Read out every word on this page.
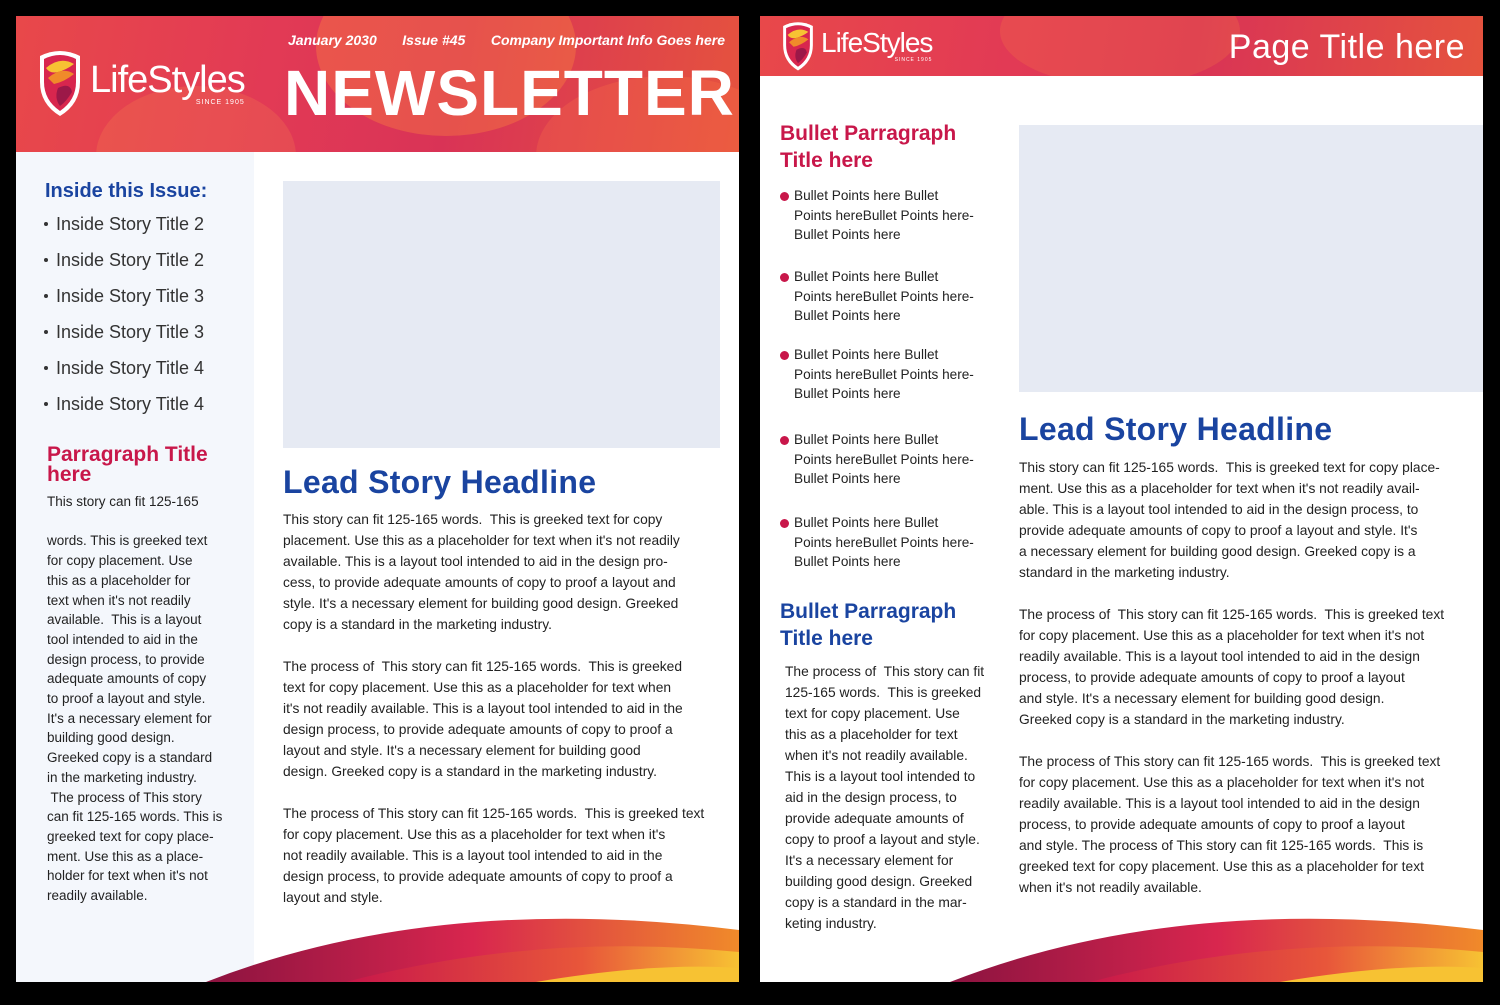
LifeStyles
SINCE 1905
January 2030 Issue #45 Company Important Info Goes here
NEWSLETTER
Inside this Issue:
Inside Story Title 2
Inside Story Title 2
Inside Story Title 3
Inside Story Title 3
Inside Story Title 4
Inside Story Title 4
Parragraph Title here
This story can fit 125-165
words. This is greeked text
for copy placement. Use
this as a placeholder for
text when it's not readily
available.  This is a layout
tool intended to aid in the
design process, to provide
adequate amounts of copy
to proof a layout and style.
It's a necessary element for
building good design.
Greeked copy is a standard
in the marketing industry.
The process of This story
can fit 125-165 words. This is
greeked text for copy place-
ment. Use this as a place-
holder for text when it's not
readily available.
Lead Story Headline

This story can fit 125-165 words.  This is greeked text for copy
placement. Use this as a placeholder for text when it's not readily
available. This is a layout tool intended to aid in the design pro-
cess, to provide adequate amounts of copy to proof a layout and
style. It's a necessary element for building good design. Greeked
copy is a standard in the marketing industry.

The process of  This story can fit 125-165 words.  This is greeked
text for copy placement. Use this as a placeholder for text when
it's not readily available. This is a layout tool intended to aid in the
design process, to provide adequate amounts of copy to proof a
layout and style. It's a necessary element for building good
design. Greeked copy is a standard in the marketing industry.

The process of This story can fit 125-165 words.  This is greeked text
for copy placement. Use this as a placeholder for text when it's
not readily available. This is a layout tool intended to aid in the
design process, to provide adequate amounts of copy to proof a
layout and style.

LifeStyles
SINCE 1905	Page Title here
Bullet Parragraph
Title here
Bullet Points here Bullet
Points hereBullet Points here-
Bullet Points here
Bullet Points here Bullet
Points hereBullet Points here-
Bullet Points here
Bullet Points here Bullet
Points hereBullet Points here-
Bullet Points here
Bullet Points here Bullet
Points hereBullet Points here-
Bullet Points here
Bullet Points here Bullet
Points hereBullet Points here-
Bullet Points here
Bullet Parragraph
Title here
The process of  This story can fit
125-165 words.  This is greeked
text for copy placement. Use
this as a placeholder for text
when it's not readily available.
This is a layout tool intended to
aid in the design process, to
provide adequate amounts of
copy to proof a layout and style.
It's a necessary element for
building good design. Greeked
copy is a standard in the mar-
keting industry.
Lead Story Headline

This story can fit 125-165 words.  This is greeked text for copy place-
ment. Use this as a placeholder for text when it's not readily avail-
able. This is a layout tool intended to aid in the design process, to
provide adequate amounts of copy to proof a layout and style. It's
a necessary element for building good design. Greeked copy is a
standard in the marketing industry.

The process of  This story can fit 125-165 words.  This is greeked text
for copy placement. Use this as a placeholder for text when it's not
readily available. This is a layout tool intended to aid in the design
process, to provide adequate amounts of copy to proof a layout
and style. It's a necessary element for building good design.
Greeked copy is a standard in the marketing industry.

The process of This story can fit 125-165 words.  This is greeked text
for copy placement. Use this as a placeholder for text when it's not
readily available. This is a layout tool intended to aid in the design
process, to provide adequate amounts of copy to proof a layout
and style. The process of This story can fit 125-165 words.  This is
greeked text for copy placement. Use this as a placeholder for text
when it's not readily available.
